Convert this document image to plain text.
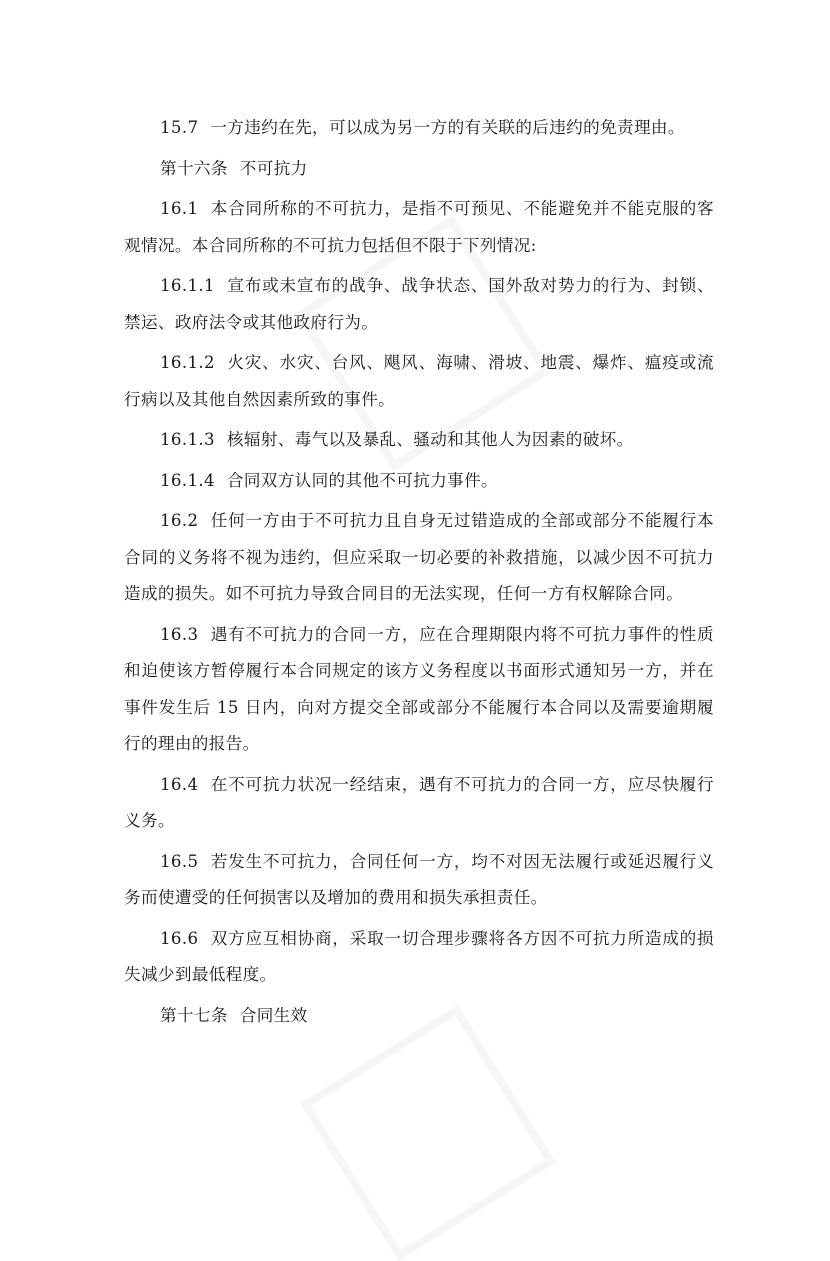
15.7 一方违约在先，可以成为另一方的有关联的后违约的免责理由。

第十六条 不可抗力

16.1 本合同所称的不可抗力，是指不可预见、不能避免并不能克服的客观情况。本合同所称的不可抗力包括但不限于下列情况:

16.1.1 宣布或未宣布的战争、战争状态、国外敌对势力的行为、封锁、禁运、政府法令或其他政府行为。

16.1.2 火灾、水灾、台风、飓风、海啸、滑坡、地震、爆炸、瘟疫或流行病以及其他自然因素所致的事件。

16.1.3 核辐射、毒气以及暴乱、骚动和其他人为因素的破坏。

16.1.4 合同双方认同的其他不可抗力事件。

16.2 任何一方由于不可抗力且自身无过错造成的全部或部分不能履行本合同的义务将不视为违约，但应采取一切必要的补救措施，以减少因不可抗力造成的损失。如不可抗力导致合同目的无法实现，任何一方有权解除合同。

16.3 遇有不可抗力的合同一方，应在合理期限内将不可抗力事件的性质和迫使该方暂停履行本合同规定的该方义务程度以书面形式通知另一方，并在事件发生后 15 日内，向对方提交全部或部分不能履行本合同以及需要逾期履行的理由的报告。

16.4 在不可抗力状况一经结束，遇有不可抗力的合同一方，应尽快履行义务。

16.5 若发生不可抗力，合同任何一方，均不对因无法履行或延迟履行义务而使遭受的任何损害以及增加的费用和损失承担责任。

16.6 双方应互相协商，采取一切合理步骤将各方因不可抗力所造成的损失减少到最低程度。

第十七条 合同生效
